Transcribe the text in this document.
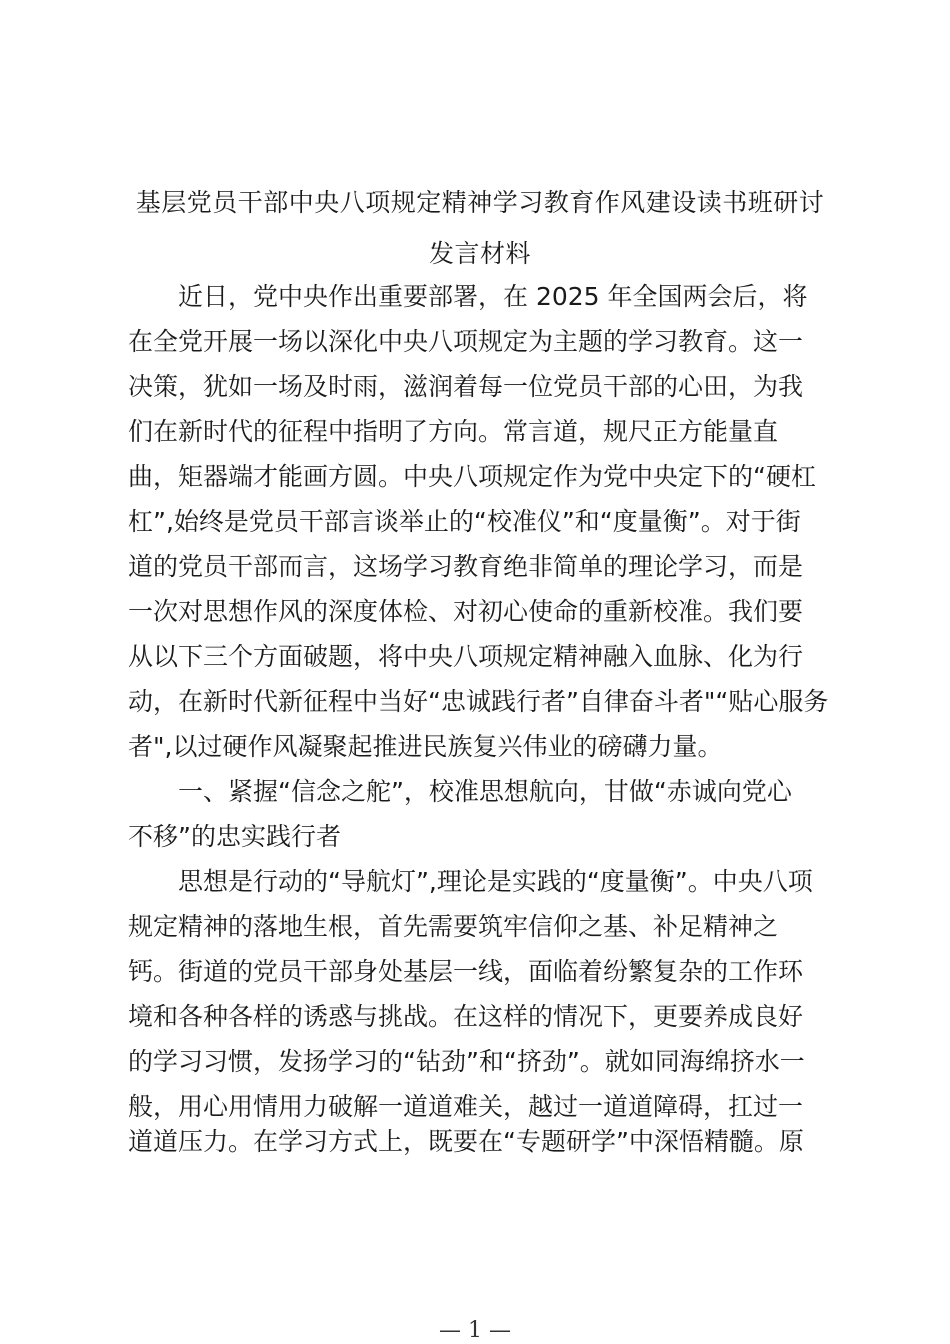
基层党员干部中央八项规定精神学习教育作风建设读书班研讨
发言材料
　　近日，党中央作出重要部署，在 2025 年全国两会后，将
在全党开展一场以深化中央八项规定为主题的学习教育。这一
决策，犹如一场及时雨，滋润着每一位党员干部的心田，为我
们在新时代的征程中指明了方向。常言道，规尺正方能量直
曲，矩器端才能画方圆。中央八项规定作为党中央定下的“硬杠
杠”,始终是党员干部言谈举止的“校准仪”和“度量衡”。对于街
道的党员干部而言，这场学习教育绝非简单的理论学习，而是
一次对思想作风的深度体检、对初心使命的重新校准。我们要
从以下三个方面破题，将中央八项规定精神融入血脉、化为行
动，在新时代新征程中当好“忠诚践行者”自律奋斗者"“贴心服务
者",以过硬作风凝聚起推进民族复兴伟业的磅礴力量。
　　一、紧握“信念之舵”，校准思想航向，甘做“赤诚向党心
不移”的忠实践行者
　　思想是行动的“导航灯”,理论是实践的“度量衡”。中央八项
规定精神的落地生根，首先需要筑牢信仰之基、补足精神之
钙。街道的党员干部身处基层一线，面临着纷繁复杂的工作环
境和各种各样的诱惑与挑战。在这样的情况下，更要养成良好
的学习习惯，发扬学习的“钻劲”和“挤劲”。就如同海绵挤水一
般，用心用情用力破解一道道难关，越过一道道障碍，扛过一
道道压力。在学习方式上，既要在“专题研学”中深悟精髓。原
— 1 —
